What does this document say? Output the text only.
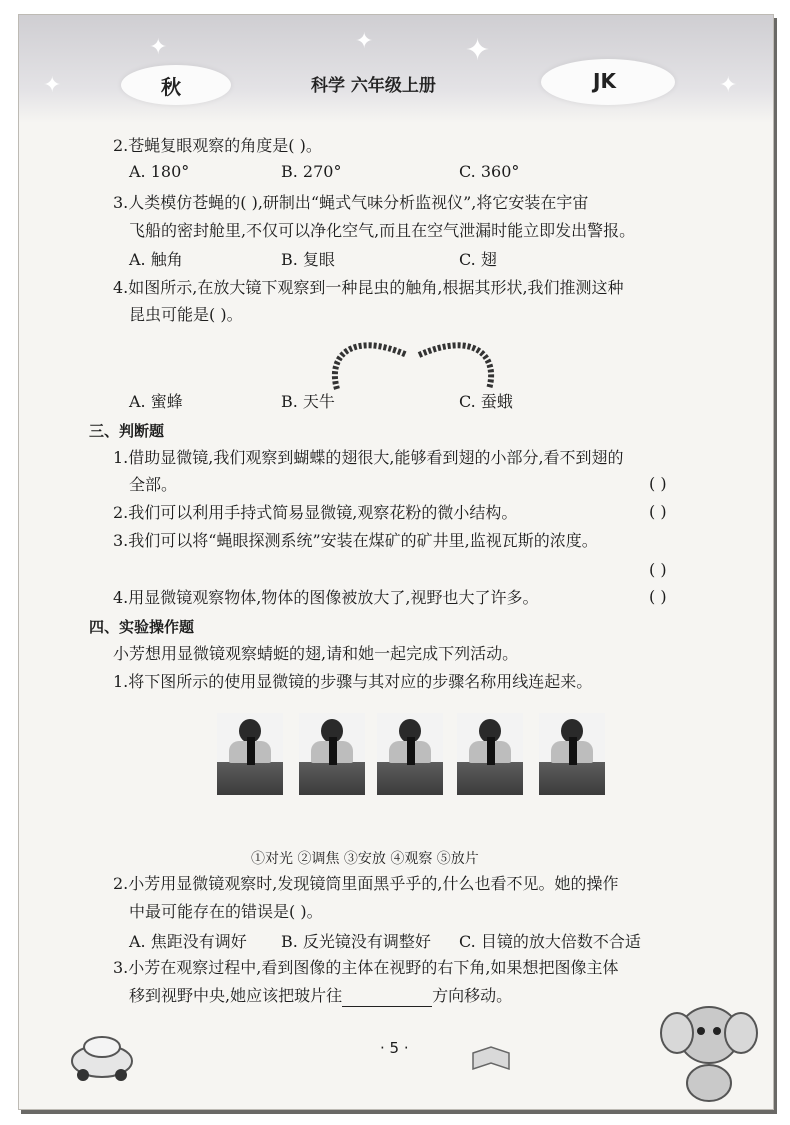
✦	✦	✦
✦	✦
秋	科学 六年级上册	JK
2.苍蝇复眼观察的角度是( )。
A. 180°	B. 270°	C. 360°
3.人类模仿苍蝇的( ),研制出“蝇式气味分析监视仪”,将它安装在宇宙
飞船的密封舱里,不仅可以净化空气,而且在空气泄漏时能立即发出警报。
A. 触角	B. 复眼	C. 翅
4.如图所示,在放大镜下观察到一种昆虫的触角,根据其形状,我们推测这种
昆虫可能是( )。
A. 蜜蜂	B. 天牛	C. 蚕蛾
三、判断题
1.借助显微镜,我们观察到蝴蝶的翅很大,能够看到翅的小部分,看不到翅的
全部。	( )
2.我们可以利用手持式简易显微镜,观察花粉的微小结构。	( )
3.我们可以将“蝇眼探测系统”安装在煤矿的矿井里,监视瓦斯的浓度。
( )
4.用显微镜观察物体,物体的图像被放大了,视野也大了许多。	( )
四、实验操作题
小芳想用显微镜观察蜻蜓的翅,请和她一起完成下列活动。
1.将下图所示的使用显微镜的步骤与其对应的步骤名称用线连起来。
①对光 ②调焦 ③安放 ④观察 ⑤放片
2.小芳用显微镜观察时,发现镜筒里面黑乎乎的,什么也看不见。她的操作
中最可能存在的错误是( )。
A. 焦距没有调好 B. 反光镜没有调整好 C. 目镜的放大倍数不合适
3.小芳在观察过程中,看到图像的主体在视野的右下角,如果想把图像主体
移到视野中央,她应该把玻片往	方向移动。
· 5 ·
